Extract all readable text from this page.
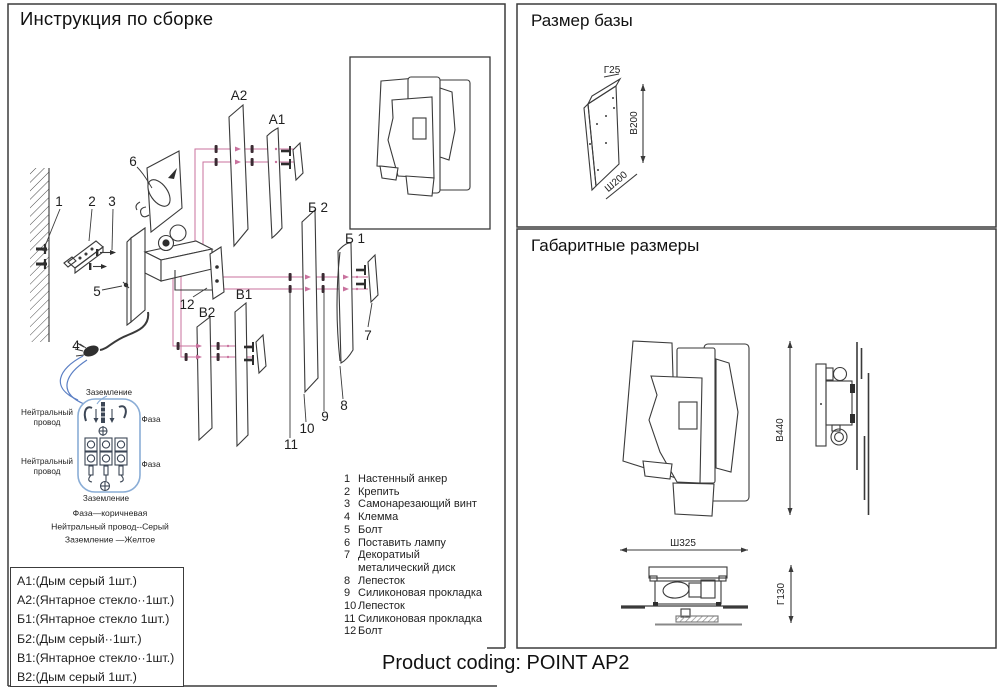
1 2 3
4
5
6
7
8
9
10
11
12
А2
А1
Б 2
Б 1
В2
В1
Заземление
Нейтральный
провод
Нейтральный
провод
Фаза
Фаза
Заземление
Фаза—коричневая
Нейтральный провод--Серый
Заземление —Желтое
Г25
В200
Ш200
В440
Ш325
Г130
Инструкция по сборке	Размер базы
Габаритные размеры
1 Настенный анкер
2 Крепить
3 Самонарезающий винт
4 Клемма
5 Болт
6 Поставить лампу
7 Декоратиый
металический диск
8 Лепесток
9 Силиконовая прокладка
10 Лепесток
11 Силиконовая прокладка
12 Болт
А1:(Дым серый 1шт.)
А2:(Янтарное стекло··1шт.)
Б1:(Янтарное стекло 1шт.)
Б2:(Дым серый··1шт.)
В1:(Янтарное стекло··1шт.)
В2:(Дым серый 1шт.)
Product coding: POINT AP2
